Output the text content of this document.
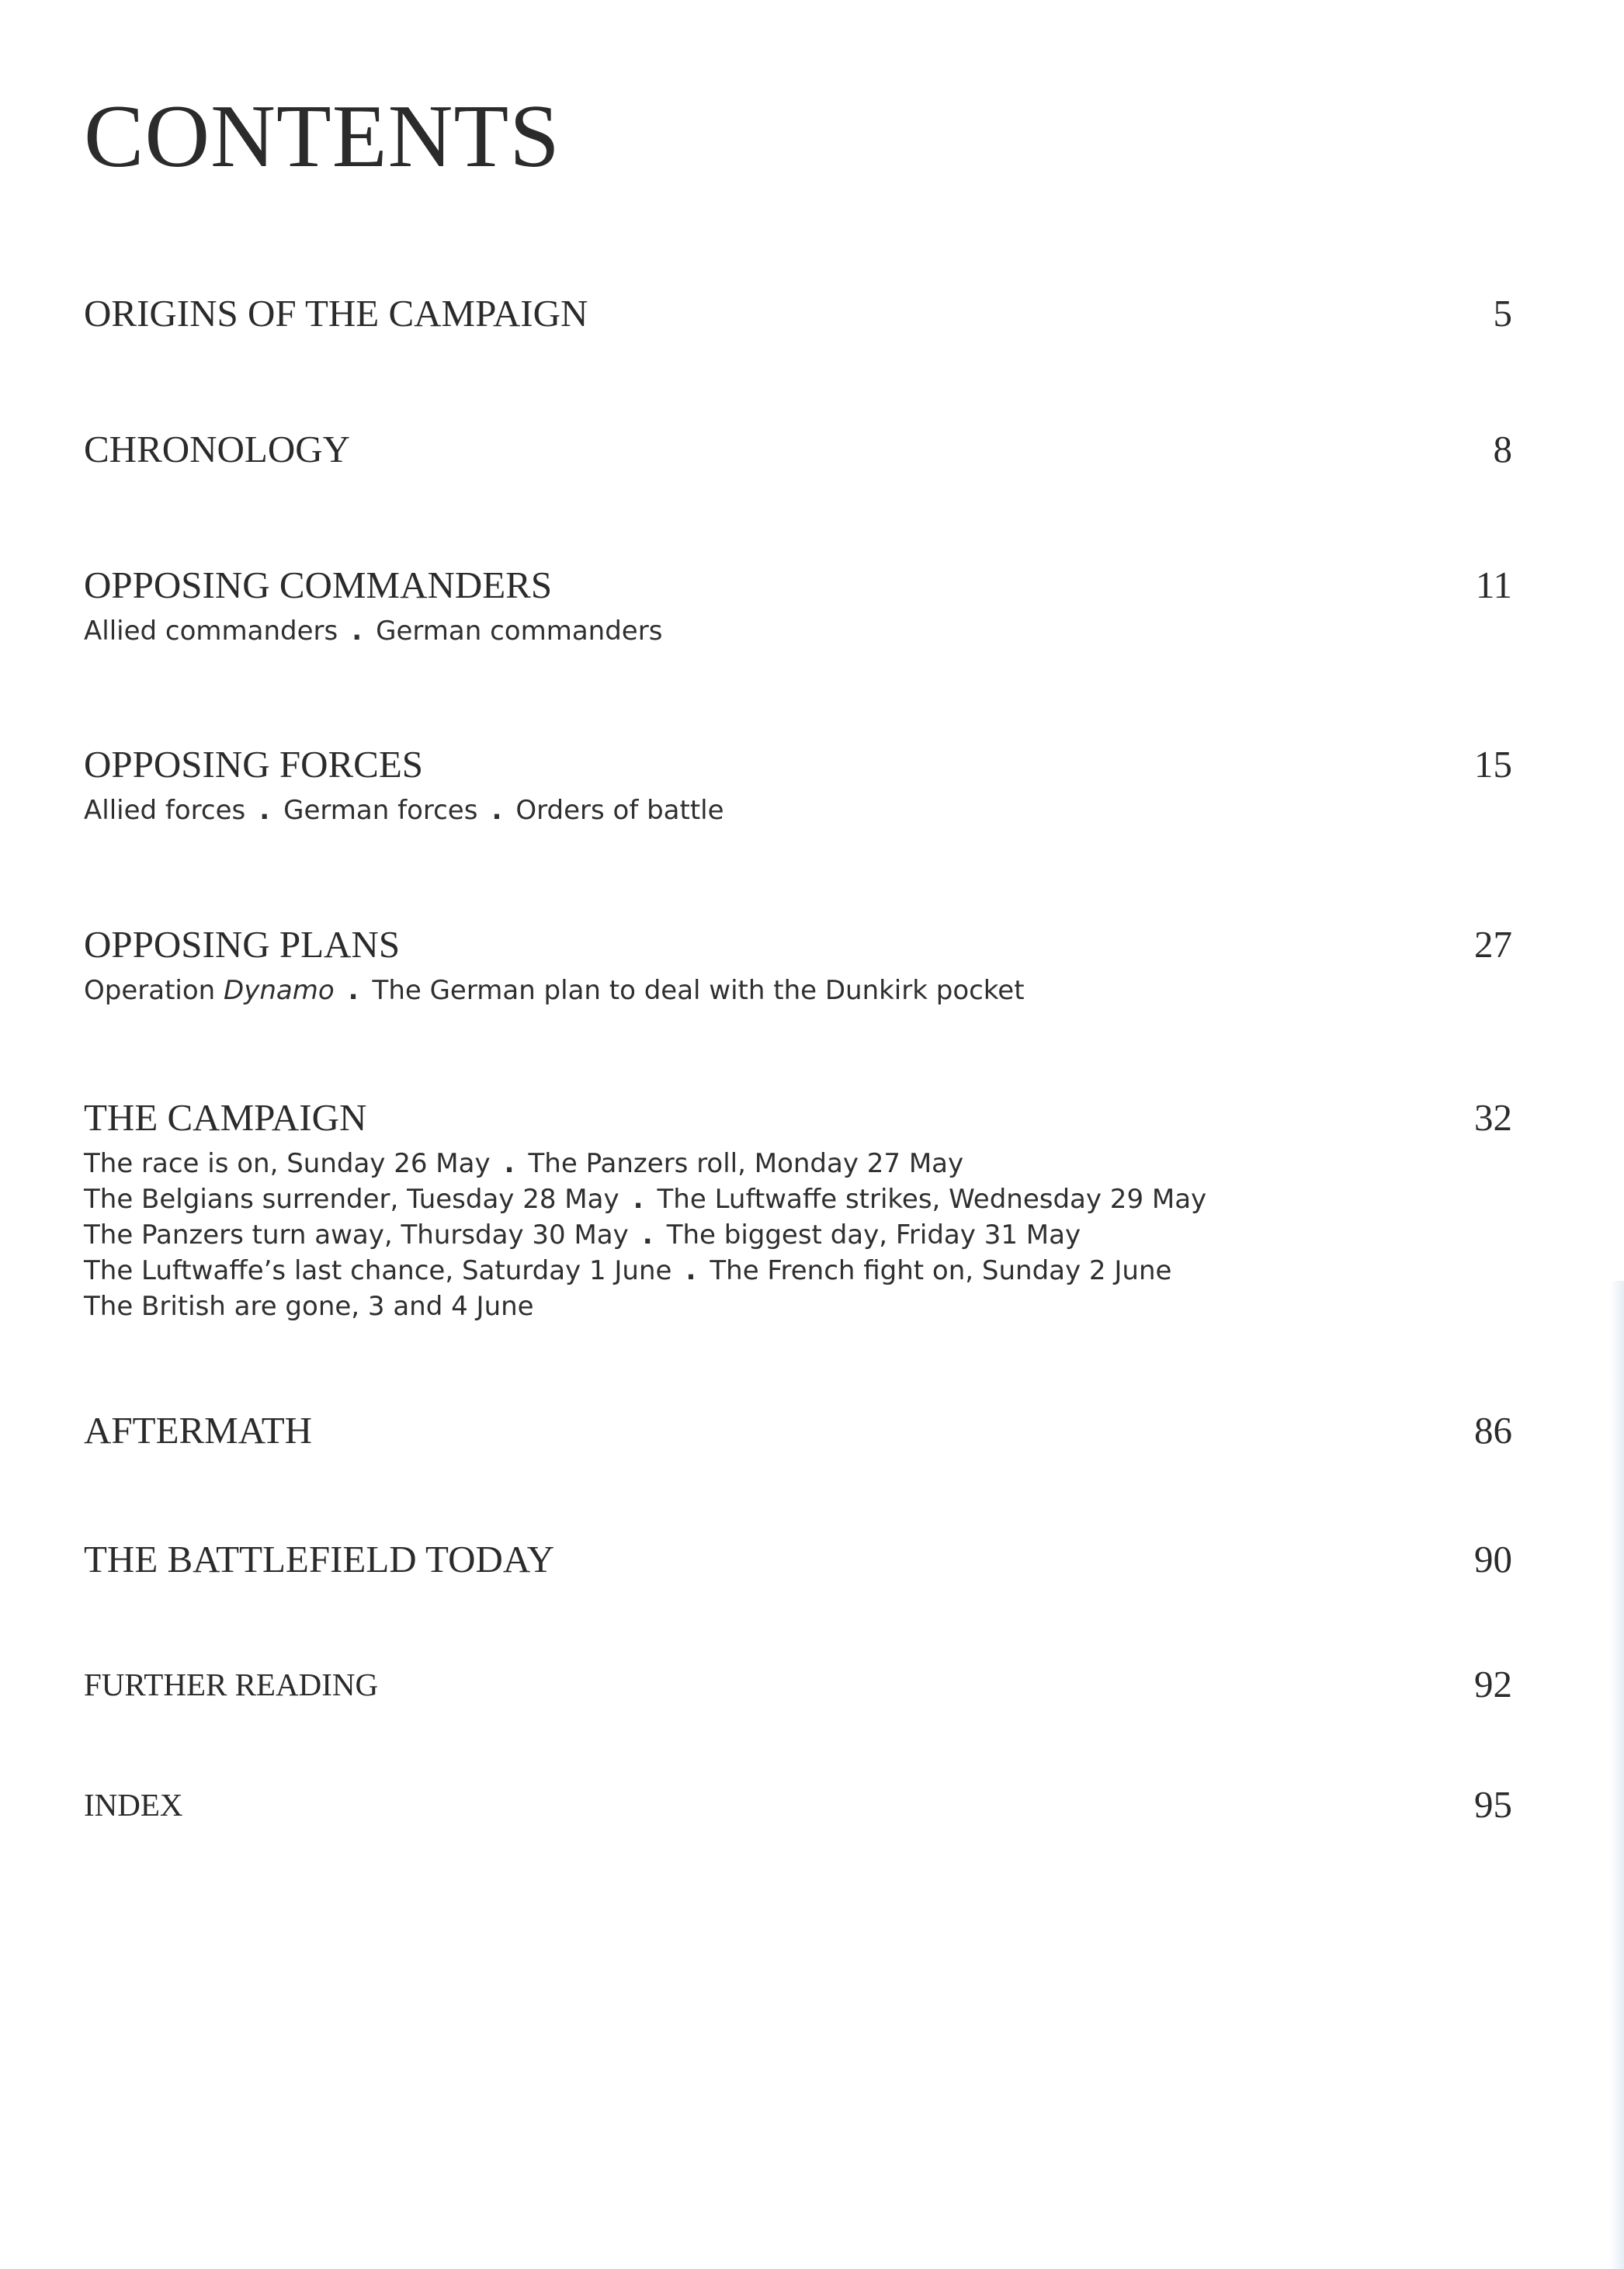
CONTENTS
ORIGINS OF THE CAMPAIGN	5
CHRONOLOGY	8
OPPOSING COMMANDERS	11
Allied commanders . German commanders
OPPOSING FORCES	15
Allied forces . German forces . Orders of battle
OPPOSING PLANS	27
Operation Dynamo . The German plan to deal with the Dunkirk pocket
THE CAMPAIGN	32
The race is on, Sunday 26 May . The Panzers roll, Monday 27 May
The Belgians surrender, Tuesday 28 May . The Luftwaffe strikes, Wednesday 29 May
The Panzers turn away, Thursday 30 May . The biggest day, Friday 31 May
The Luftwaffe’s last chance, Saturday 1 June . The French fight on, Sunday 2 June
The British are gone, 3 and 4 June
AFTERMATH	86
THE BATTLEFIELD TODAY	90
FURTHER READING	92
INDEX	95
